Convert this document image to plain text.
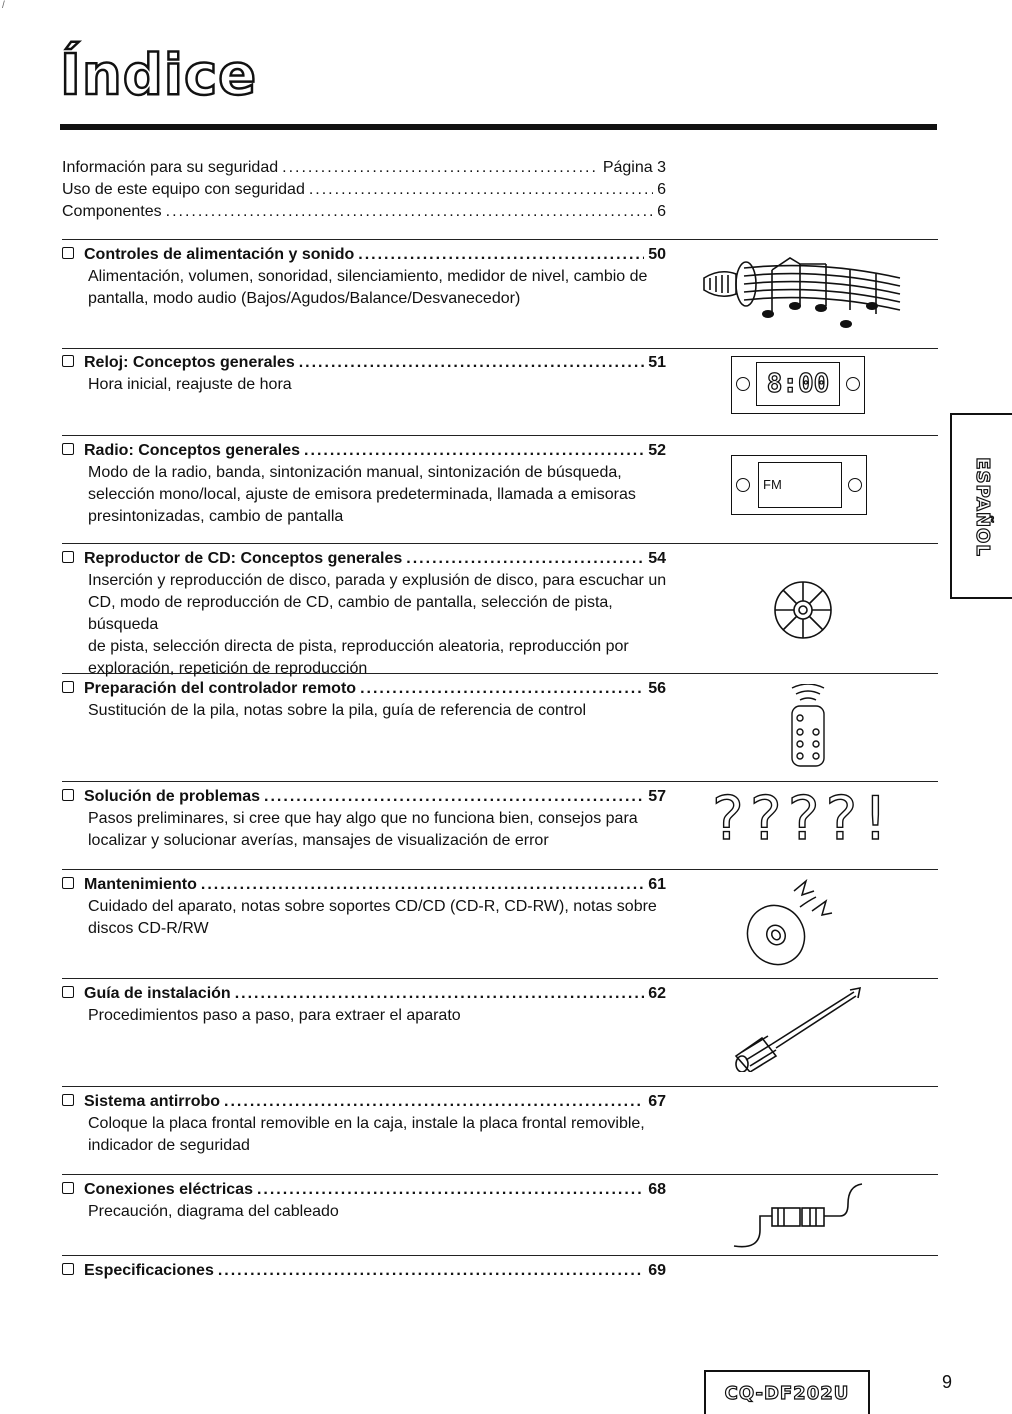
/
Índice
Información para su seguridad .....	Página 3
Uso de este equipo con seguridad .....	6
Componentes .....	6
Controles de alimentación y sonido .....	50
Alimentación, volumen, sonoridad, silenciamiento, medidor de nivel, cambio de
pantalla, modo audio (Bajos/Agudos/Balance/Desvanecedor)
Reloj: Conceptos generales .....	51
Hora inicial, reajuste de hora
Radio: Conceptos generales .....	52
Modo de la radio, banda, sintonización manual, sintonización de búsqueda,
selección mono/local, ajuste de emisora predeterminada, llamada a emisoras
presintonizadas, cambio de pantalla
Reproductor de CD: Conceptos generales .....	54
Inserción y reproducción de disco, parada y explusión de disco, para escuchar un
CD, modo de reproducción de CD, cambio de pantalla, selección de pista, búsqueda
de pista, selección directa de pista, reproducción aleatoria, reproducción por
exploración, repetición de reproducción
Preparación del controlador remoto .....	56
Sustitución de la pila, notas sobre la pila, guía de referencia de control
Solución de problemas .....	57
Pasos preliminares, si cree que hay algo que no funciona bien, consejos para
localizar y solucionar averías, mansajes de visualización de error
Mantenimiento .....	61
Cuidado del aparato, notas sobre soportes CD/CD (CD-R, CD-RW), notas sobre
discos CD-R/RW
Guía de instalación .....	62
Procedimientos paso a paso, para extraer el aparato
Sistema antirrobo .....	67
Coloque la placa frontal removible en la caja, instale la placa frontal removible,
indicador de seguridad
Conexiones eléctricas .....	68
Precaución, diagrama del cableado
Especificaciones .....	69
8:00
FM
????!
ESPAÑOL
CQ-DF202U
9
